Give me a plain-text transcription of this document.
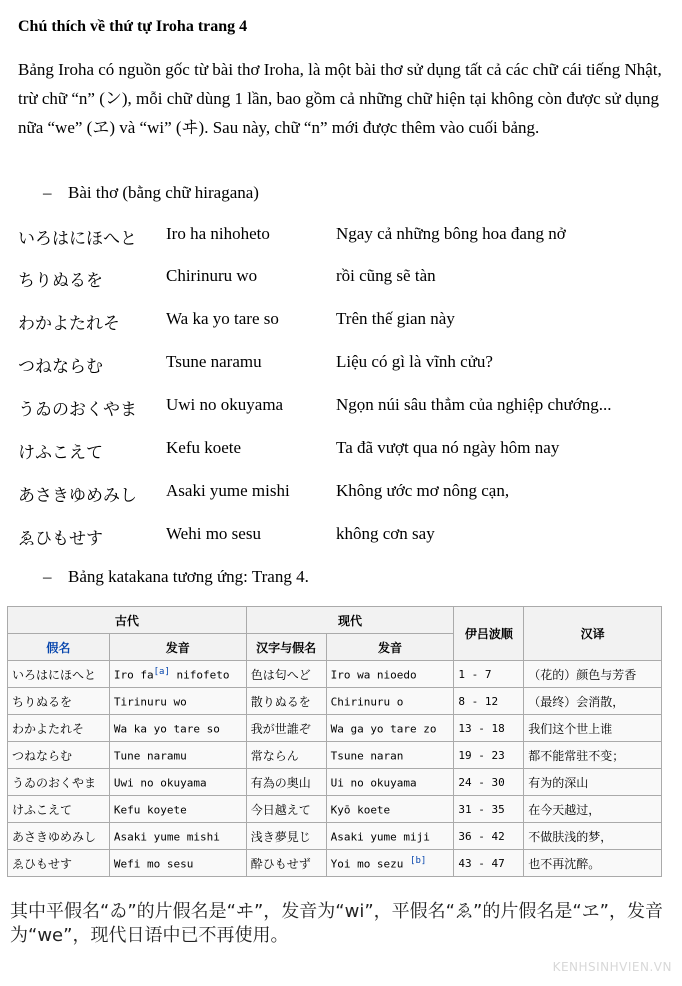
Chú thích về thứ tự Iroha trang 4
Bảng Iroha có nguồn gốc từ bài thơ Iroha, là một bài thơ sử dụng tất cả các chữ cái tiếng Nhật, trừ chữ “n” (ン), mỗi chữ dùng 1 lần, bao gồm cả những chữ hiện tại không còn được sử dụng nữa “we” (ヱ) và “wi” (ヰ). Sau này, chữ “n” mới được thêm vào cuối bảng.
– Bài thơ (bằng chữ hiragana)
いろはにほへと Iro ha nihoheto	Ngay cả những bông hoa đang nở
ちりぬるを	Chirinuru wo	rồi cũng sẽ tàn
わかよたれそ	Wa ka yo tare so	Trên thế gian này
つねならむ	Tsune naramu	Liệu có gì là vĩnh cửu?
うゐのおくやま Uwi no okuyama	Ngọn núi sâu thẳm của nghiệp chướng...
けふこえて	Kefu koete	Ta đã vượt qua nó ngày hôm nay
あさきゆめみし Asaki yume mishi	Không ước mơ nông cạn,
ゑひもせす	Wehi mo sesu	không cơn say
– Bảng katakana tương ứng: Trang 4.
古代		现代		伊吕波顺	汉译
假名	发音	汉字与假名	发音		
いろはにほへと	Iro fa[a] nifofeto	色は匂へど	Iro wa nioedo	1 - 7	（花的）颜色与芳香
ちりぬるを	Tirinuru wo	散りぬるを	Chirinuru o	8 - 12	（最终）会消散，
わかよたれそ	Wa ka yo tare so	我が世誰ぞ	Wa ga yo tare zo	13 - 18	我们这个世上谁
つねならむ	Tune naramu	常ならん	Tsune naran	19 - 23	都不能常驻不变；
うゐのおくやま	Uwi no okuyama	有為の奥山	Ui no okuyama	24 - 30	有为的深山
けふこえて	Kefu koyete	今日越えて	Kyō koete	31 - 35	在今天越过，
あさきゆめみし	Asaki yume mishi	浅き夢見じ	Asaki yume miji	36 - 42	不做肤浅的梦，
ゑひもせす	Wefi mo sesu	酔ひもせず	Yoi mo sezu [b]	43 - 47	也不再沈醉。
其中平假名“ゐ”的片假名是“ヰ”，发音为“wi”，平假名“ゑ”的片假名是“ヱ”，发音为“we”，现代日语中已不再使用。
KENHSINHVIEN.VN
